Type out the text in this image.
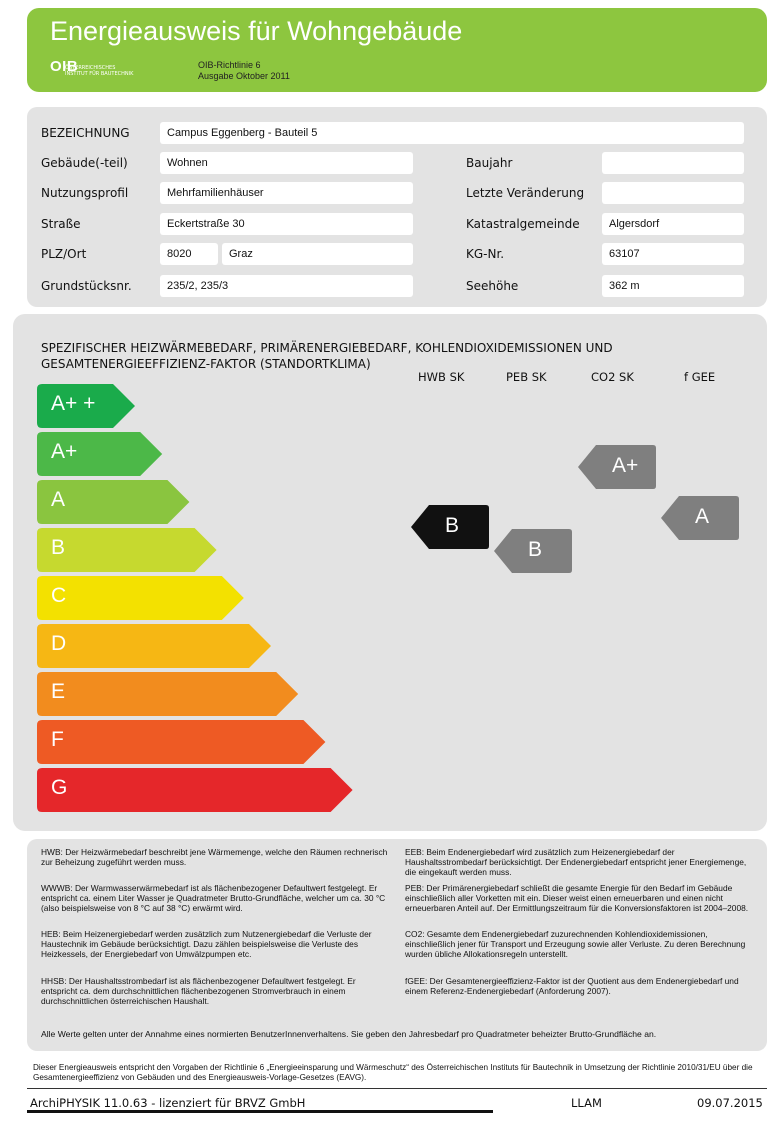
Energieausweis für Wohngebäude
OIB
ÖSTERREICHISCHES
INSTITUT FÜR BAUTECHNIK
OIB-Richtlinie 6
Ausgabe Oktober 2011
BEZEICHNUNG	Campus Eggenberg - Bauteil 5
Gebäude(-teil)	Wohnen	Baujahr
Nutzungsprofil	Mehrfamilienhäuser	Letzte Veränderung
Straße	Eckertstraße 30	Katastralgemeinde	Algersdorf
PLZ/Ort	8020	Graz	KG-Nr.	63107
Grundstücksnr.	235/2, 235/3	Seehöhe	362 m
SPEZIFISCHER HEIZWÄRMEBEDARF, PRIMÄRENERGIEBEDARF, KOHLENDIOXIDEMISSIONEN UND GESAMTENERGIEEFFIZIENZ-FAKTOR (STANDORTKLIMA)
HWB SK	PEB SK	CO2 SK	f GEE
A+ +
A+
A
B
C
D
E
F
G
B
B
A+
A
HWB: Der Heizwärmebedarf beschreibt jene Wärmemenge, welche den Räumen rechnerisch zur Beheizung zugeführt werden muss.
WWWB: Der Warmwasserwärmebedarf ist als flächenbezogener Defaultwert festgelegt. Er entspricht ca. einem Liter Wasser je Quadratmeter Brutto-Grundfläche, welcher um ca. 30 °C (also beispielsweise von 8 °C auf 38 °C) erwärmt wird.
HEB: Beim Heizenergiebedarf werden zusätzlich zum Nutzenergiebedarf die Verluste der Haustechnik im Gebäude berücksichtigt. Dazu zählen beispielsweise die Verluste des Heizkessels, der Energiebedarf von Umwälzpumpen etc.
HHSB: Der Haushaltsstrombedarf ist als flächenbezogener Defaultwert festgelegt. Er entspricht ca. dem durchschnittlichen flächenbezogenen Stromverbrauch in einem durchschnittlichen österreichischen Haushalt.
EEB: Beim Endenergiebedarf wird zusätzlich zum Heizenergiebedarf der Haushaltsstrombedarf berücksichtigt. Der Endenergiebedarf entspricht jener Energiemenge, die eingekauft werden muss.
PEB: Der Primärenergiebedarf schließt die gesamte Energie für den Bedarf im Gebäude einschließlich aller Vorketten mit ein. Dieser weist einen erneuerbaren und einen nicht erneuerbaren Anteil auf. Der Ermittlungszeitraum für die Konversionsfaktoren ist 2004–2008.
CO2: Gesamte dem Endenergiebedarf zuzurechnenden Kohlendioxidemissionen, einschließlich jener für Transport und Erzeugung sowie aller Verluste. Zu deren Berechnung wurden übliche Allokationsregeln unterstellt.
fGEE: Der Gesamtenergieeffizienz-Faktor ist der Quotient aus dem Endenergiebedarf und einem Referenz-Endenergiebedarf (Anforderung 2007).
Alle Werte gelten unter der Annahme eines normierten BenutzerInnenverhaltens. Sie geben den Jahresbedarf pro Quadratmeter beheizter Brutto-Grundfläche an.
Dieser Energieausweis entspricht den Vorgaben der Richtlinie 6 „Energieeinsparung und Wärmeschutz“ des Österreichischen Instituts für Bautechnik in Umsetzung der Richtlinie 2010/31/EU über die Gesamtenergieeffizienz von Gebäuden und des Energieausweis-Vorlage-Gesetzes (EAVG).
ArchiPHYSIK 11.0.63 - lizenziert für BRVZ GmbH	LLAM	09.07.2015
